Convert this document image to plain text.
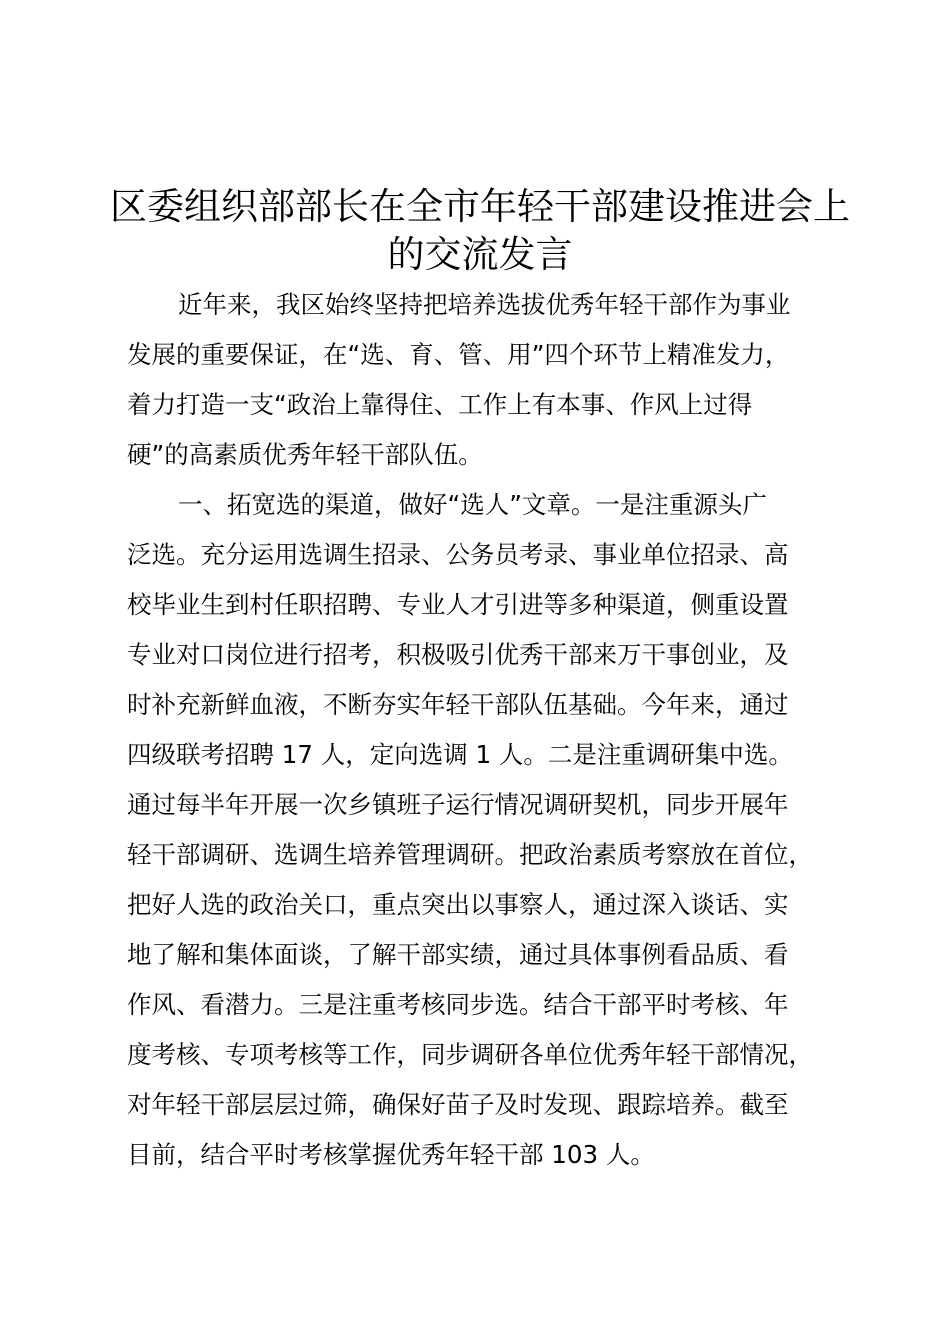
区委组织部部长在全市年轻干部建设推进会上
的交流发言

近年来，我区始终坚持把培养选拔优秀年轻干部作为事业

发展的重要保证，在“选、育、管、用”四个环节上精准发力，

着力打造一支“政治上靠得住、工作上有本事、作风上过得

硬”的高素质优秀年轻干部队伍。

一、拓宽选的渠道，做好“选人”文章。一是注重源头广

泛选。充分运用选调生招录、公务员考录、事业单位招录、高

校毕业生到村任职招聘、专业人才引进等多种渠道，侧重设置

专业对口岗位进行招考，积极吸引优秀干部来万干事创业，及

时补充新鲜血液，不断夯实年轻干部队伍基础。今年来，通过

四级联考招聘 17 人，定向选调 1 人。二是注重调研集中选。

通过每半年开展一次乡镇班子运行情况调研契机，同步开展年

轻干部调研、选调生培养管理调研。把政治素质考察放在首位，

把好人选的政治关口，重点突出以事察人，通过深入谈话、实

地了解和集体面谈，了解干部实绩，通过具体事例看品质、看

作风、看潜力。三是注重考核同步选。结合干部平时考核、年

度考核、专项考核等工作，同步调研各单位优秀年轻干部情况，

对年轻干部层层过筛，确保好苗子及时发现、跟踪培养。截至

目前，结合平时考核掌握优秀年轻干部 103 人。
